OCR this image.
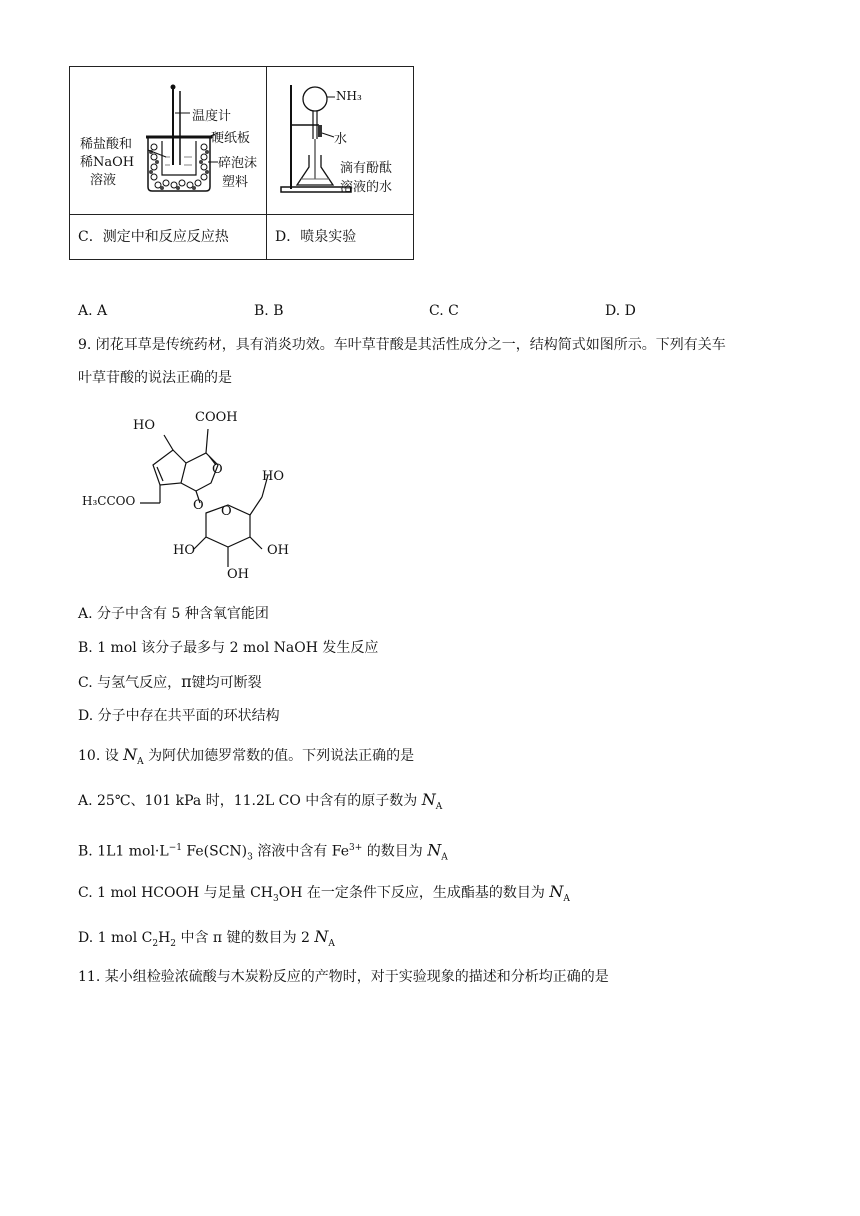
温度计
硬纸板
稀盐酸和
稀NaOH
溶液
碎泡沫
塑料
NH₃
水
滴有酚酞
溶液的水
C．测定中和反应反应热	D．喷泉实验
A. A	B. B	C. C	D. D
9. 闭花耳草是传统药材，具有消炎功效。车叶草苷酸是其活性成分之一，结构简式如图所示。下列有关车
叶草苷酸的说法正确的是
HO
COOH
O	HO
H₃CCOO	O O
HO	OH
OH
A. 分子中含有 5 种含氧官能团
B. 1 mol 该分子最多与 2 mol NaOH 发生反应
C. 与氢气反应，π键均可断裂
D. 分子中存在共平面的环状结构
10. 设 $N_A$ 为阿伏加德罗常数的值。下列说法正确的是
A. 25℃、101 kPa 时，11.2L CO 中含有的原子数为 $N_A$
B. 1L1 $mol\cdot L^{-1}$ $Fe(SCN)_3$ 溶液中含有 $Fe^{3+}$ 的数目为 $N_A$
C. 1 mol HCOOH 与足量 $CH_3OH$ 在一定条件下反应，生成酯基的数目为 $N_A$
D. 1 mol $C_2H_2$ 中含 π 键的数目为 2 $N_A$
11. 某小组检验浓硫酸与木炭粉反应的产物时，对于实验现象的描述和分析均正确的是
